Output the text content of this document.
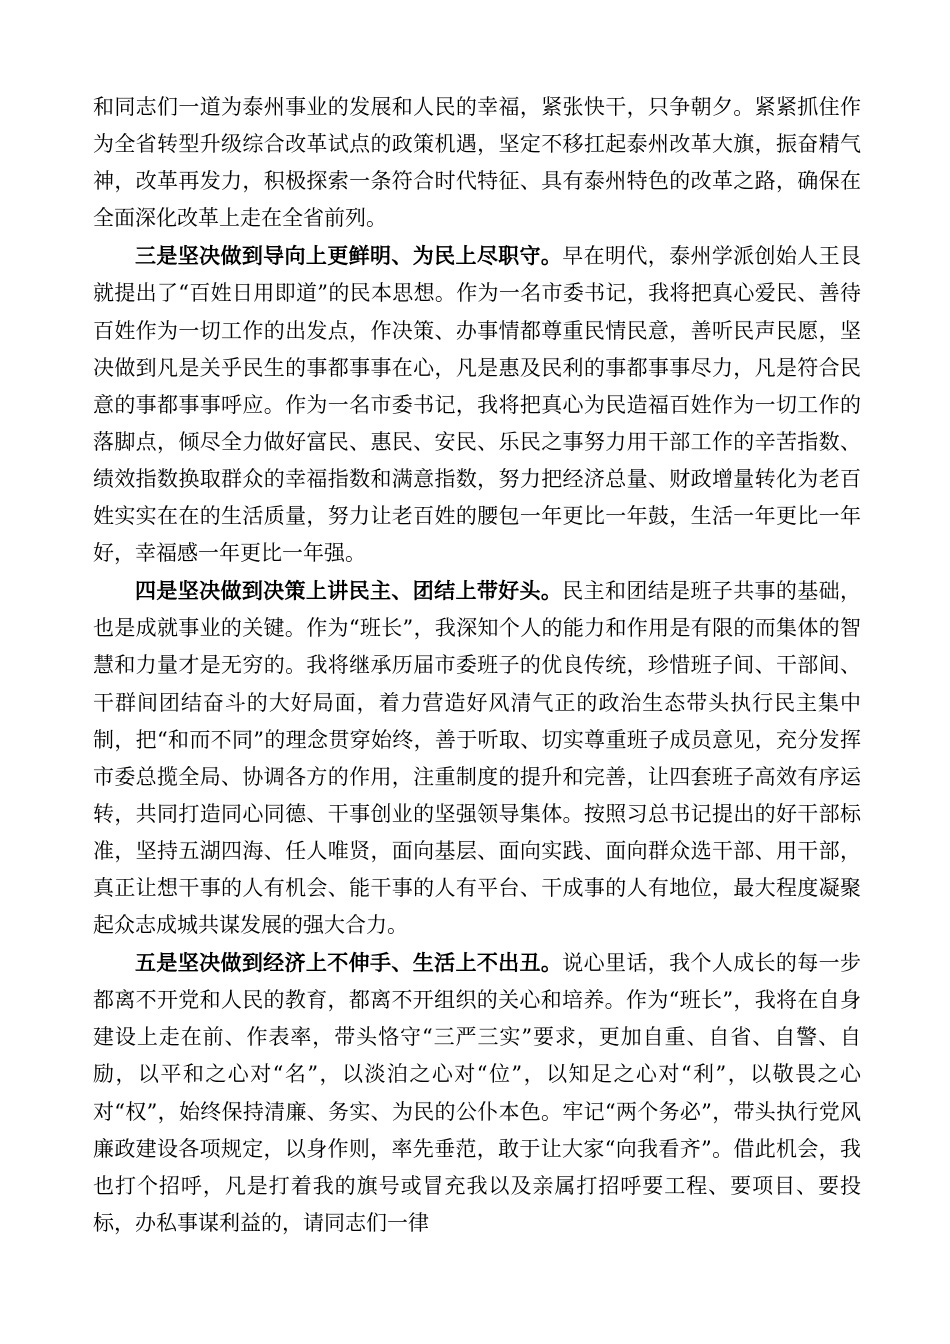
和同志们一道为泰州事业的发展和人民的幸福，紧张快干，只争朝夕。紧紧抓住作为全省转型升级综合改革试点的政策机遇，坚定不移扛起泰州改革大旗，振奋精气神，改革再发力，积极探索一条符合时代特征、具有泰州特色的改革之路，确保在全面深化改革上走在全省前列。

三是坚决做到导向上更鲜明、为民上尽职守。早在明代，泰州学派创始人王艮就提出了“百姓日用即道”的民本思想。作为一名市委书记，我将把真心爱民、善待百姓作为一切工作的出发点，作决策、办事情都尊重民情民意，善听民声民愿，坚决做到凡是关乎民生的事都事事在心，凡是惠及民利的事都事事尽力，凡是符合民意的事都事事呼应。作为一名市委书记，我将把真心为民造福百姓作为一切工作的落脚点，倾尽全力做好富民、惠民、安民、乐民之事努力用干部工作的辛苦指数、绩效指数换取群众的幸福指数和满意指数，努力把经济总量、财政增量转化为老百姓实实在在的生活质量，努力让老百姓的腰包一年更比一年鼓，生活一年更比一年好，幸福感一年更比一年强。

四是坚决做到决策上讲民主、团结上带好头。民主和团结是班子共事的基础，也是成就事业的关键。作为“班长”，我深知个人的能力和作用是有限的而集体的智慧和力量才是无穷的。我将继承历届市委班子的优良传统，珍惜班子间、干部间、干群间团结奋斗的大好局面，着力营造好风清气正的政治生态带头执行民主集中制，把“和而不同”的理念贯穿始终，善于听取、切实尊重班子成员意见，充分发挥市委总揽全局、协调各方的作用，注重制度的提升和完善，让四套班子高效有序运转，共同打造同心同德、干事创业的坚强领导集体。按照习总书记提出的好干部标准，坚持五湖四海、任人唯贤，面向基层、面向实践、面向群众选干部、用干部，真正让想干事的人有机会、能干事的人有平台、干成事的人有地位，最大程度凝聚起众志成城共谋发展的强大合力。

五是坚决做到经济上不伸手、生活上不出丑。说心里话，我个人成长的每一步都离不开党和人民的教育，都离不开组织的关心和培养。作为“班长”，我将在自身建设上走在前、作表率，带头恪守“三严三实”要求，更加自重、自省、自警、自励，以平和之心对“名”，以淡泊之心对“位”，以知足之心对“利”，以敬畏之心对“权”，始终保持清廉、务实、为民的公仆本色。牢记“两个务必”，带头执行党风廉政建设各项规定，以身作则，率先垂范，敢于让大家“向我看齐”。借此机会，我也打个招呼，凡是打着我的旗号或冒充我以及亲属打招呼要工程、要项目、要投标，办私事谋利益的，请同志们一律
